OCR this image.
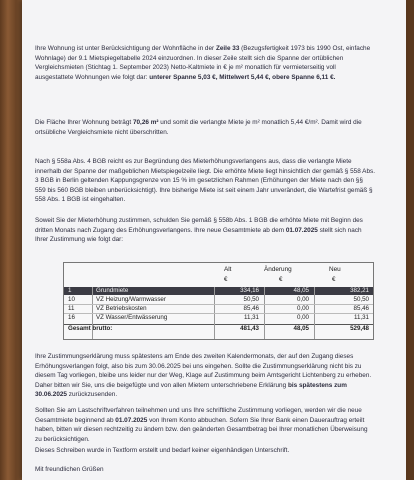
Ihre Wohnung ist unter Berücksichtigung der Wohnfläche in der Zeile 33 (Bezugsfertigkeit 1973 bis 1990 Ost, einfache Wohnlage) der 9.1 Mietspiegeltabelle 2024 einzuordnen. In dieser Zeile stellt sich die Spanne der ortüblichen Vergleichsmieten (Stichtag 1. September 2023) Netto-Kaltmiete in € je m² monatlich für vermieterseitig voll ausgestattete Wohnungen wie folgt dar: unterer Spanne 5,03 €, Mittelwert 5,44 €, obere Spanne 6,11 €.
Die Fläche Ihrer Wohnung beträgt 70,26 m² und somit die verlangte Miete je m² monatlich 5,44 €/m². Damit wird die ortsübliche Vergleichsmiete nicht überschritten.
Nach § 558a Abs. 4 BGB reicht es zur Begründung des Mieterhöhungsverlangens aus, dass die verlangte Miete innerhalb der Spanne der maßgeblichen Mietspiegelzeile liegt. Die erhöhte Miete liegt hinsichtlich der gemäß § 558 Abs. 3 BGB in Berlin geltenden Kappungsgrenze von 15 % im gesetzlichen Rahmen (Erhöhungen der Miete nach den §§ 559 bis 560 BGB bleiben unberücksichtigt). Ihre bisherige Miete ist seit einem Jahr unverändert, die Wartefrist gemäß § 558 Abs. 1 BGB ist eingehalten.
Soweit Sie der Mieterhöhung zustimmen, schulden Sie gemäß § 558b Abs. 1 BGB die erhöhte Miete mit Beginn des dritten Monats nach Zugang des Erhöhungsverlangens. Ihre neue Gesamtmiete ab dem 01.07.2025 stellt sich nach Ihrer Zustimmung wie folgt dar:
Alt	Änderung	Neu
€	€	€
1	Grundmiete	334,16	48,05	382,21
10	VZ Heizung/Warmwasser	50,50	0,00	50,50
11	VZ Betriebskosten	85,46	0,00	85,46
16	VZ Wasser/Entwässerung	11,31	0,00	11,31
Gesamt brutto:	481,43	48,05	529,48
Ihre Zustimmungserklärung muss spätestens am Ende des zweiten Kalendermonats, der auf den Zugang dieses Erhöhungsverlangen folgt, also bis zum 30.06.2025 bei uns eingehen. Sollte die Zustimmungserklärung nicht bis zu diesem Tag vorliegen, bleibe uns leider nur der Weg, Klage auf Zustimmung beim Amtsgericht Lichtenberg zu erheben. Daher bitten wir Sie, uns die beigefügte und von allen Mietern unterschriebene Erklärung bis spätestens zum 30.06.2025 zurückzusenden.
Sollten Sie am Lastschriftverfahren teilnehmen und uns Ihre schriftliche Zustimmung vorliegen, werden wir die neue Gesamtmiete beginnend ab 01.07.2025 von Ihrem Konto abbuchen. Sofern Sie Ihrer Bank einen Dauerauftrag erteilt haben, bitten wir diesen rechtzeitig zu ändern bzw. den geänderten Gesamtbetrag bei Ihrer monatlichen Überweisung zu berücksichtigen.
Dieses Schreiben wurde in Textform erstellt und bedarf keiner eigenhändigen Unterschrift.
Mit freundlichen Grüßen
